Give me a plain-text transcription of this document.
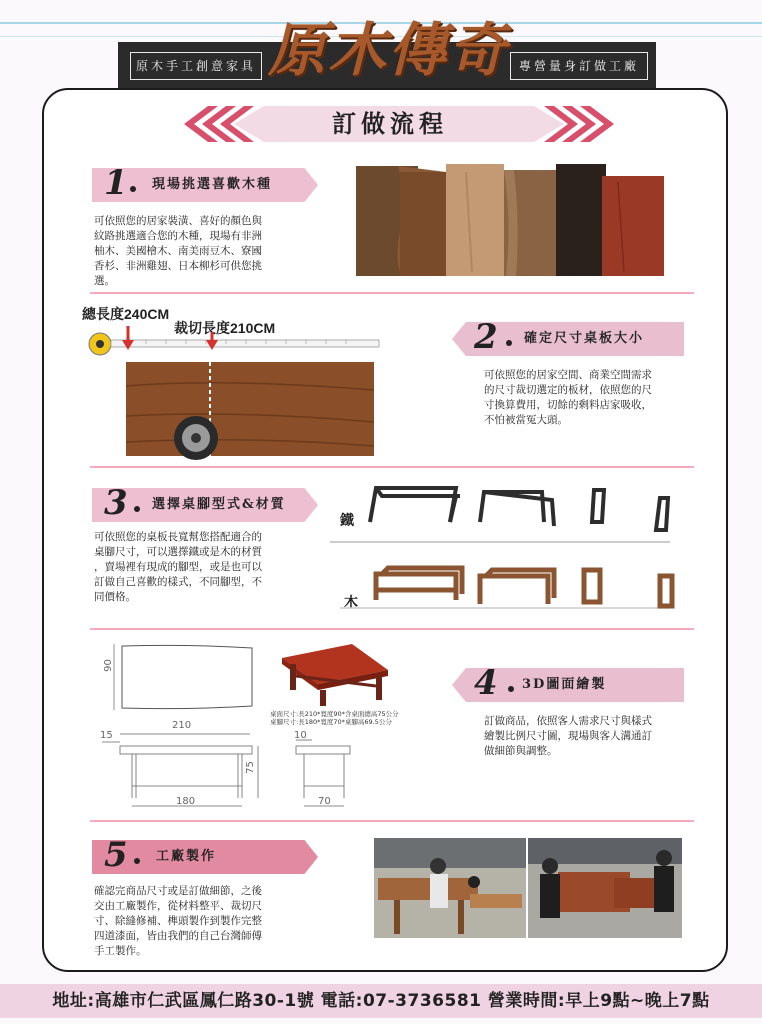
原木手工創意家具	專營量身訂做工廠
原木傳奇
訂做流程
1 現場挑選喜歡木種
可依照您的居家裝潢、喜好的顏色與
紋路挑選適合您的木種，現場有非洲
柚木、美國檜木、南美雨豆木、寮國
香杉、非洲雞翅、日本柳杉可供您挑
選。
總長度240CM
裁切長度210CM	2 確定尺寸桌板大小
可依照您的居家空間、商業空間需求
的尺寸裁切選定的板材，依照您的尺
寸換算費用，切餘的剩料店家吸收，
不怕被當冤大頭。
3 選擇桌腳型式&材質
可依照您的桌板長寬幫您搭配適合的
桌腳尺寸，可以選擇鐵或是木的材質
，賣場裡有現成的腳型，或是也可以
訂做自己喜歡的樣式，不同腳型，不
同價格。
鐵
木
90
桌面尺寸:長210*寬度90*含桌面總高75公分
桌腳尺寸:長180*寬度70*桌腳高69.5公分
210
15	10
75
180	70
4 3D圖面繪製
訂做商品，依照客人需求尺寸與樣式
繪製比例尺寸圖，現場與客人溝通訂
做細節與調整。
5 工廠製作
確認完商品尺寸或是訂做細節，之後
交由工廠製作，從材料整平、裁切尺
寸、除縫修補、榫頭製作到製作完整
四道漆面，皆由我們的自己台灣師傅
手工製作。
地址:高雄市仁武區鳳仁路30-1號 電話:07-3736581 營業時間:早上9點~晚上7點
